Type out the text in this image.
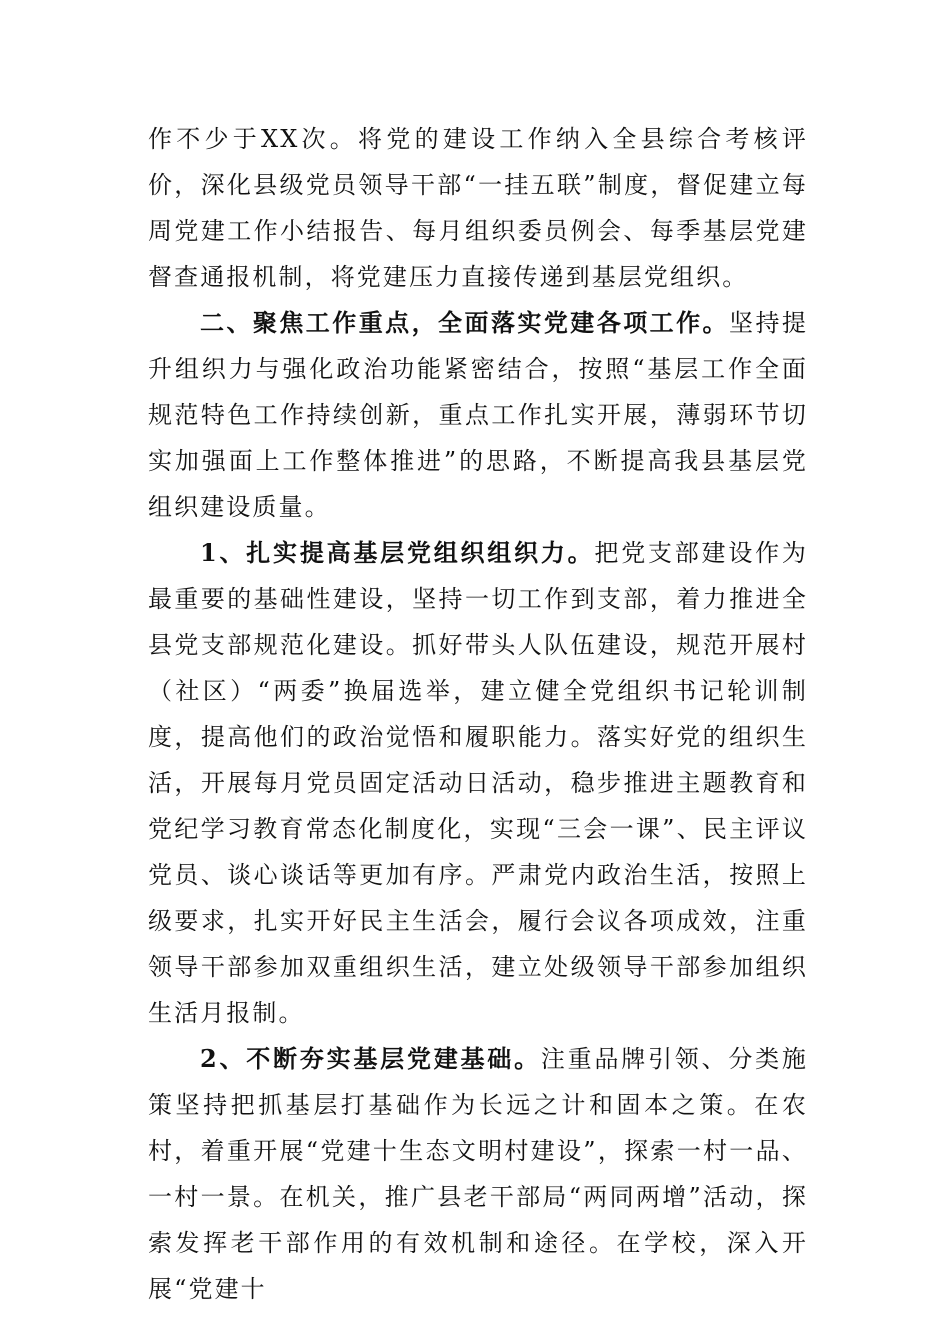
作不少于XX次。将党的建设工作纳入全县综合考核评价，深化县级党员领导干部“一挂五联”制度，督促建立每周党建工作小结报告、每月组织委员例会、每季基层党建督查通报机制，将党建压力直接传递到基层党组织。

二、聚焦工作重点，全面落实党建各项工作。坚持提升组织力与强化政治功能紧密结合，按照“基层工作全面规范特色工作持续创新，重点工作扎实开展，薄弱环节切实加强面上工作整体推进”的思路，不断提高我县基层党组织建设质量。

1、扎实提高基层党组织组织力。把党支部建设作为最重要的基础性建设，坚持一切工作到支部，着力推进全县党支部规范化建设。抓好带头人队伍建设，规范开展村（社区）“两委”换届选举，建立健全党组织书记轮训制度，提高他们的政治觉悟和履职能力。落实好党的组织生活，开展每月党员固定活动日活动，稳步推进主题教育和党纪学习教育常态化制度化，实现“三会一课”、民主评议党员、谈心谈话等更加有序。严肃党内政治生活，按照上级要求，扎实开好民主生活会，履行会议各项成效，注重领导干部参加双重组织生活，建立处级领导干部参加组织生活月报制。

2、不断夯实基层党建基础。注重品牌引领、分类施策坚持把抓基层打基础作为长远之计和固本之策。在农村，着重开展“党建十生态文明村建设”，探索一村一品、一村一景。在机关，推广县老干部局“两同两增”活动，探索发挥老干部作用的有效机制和途径。在学校，深入开展“党建十
